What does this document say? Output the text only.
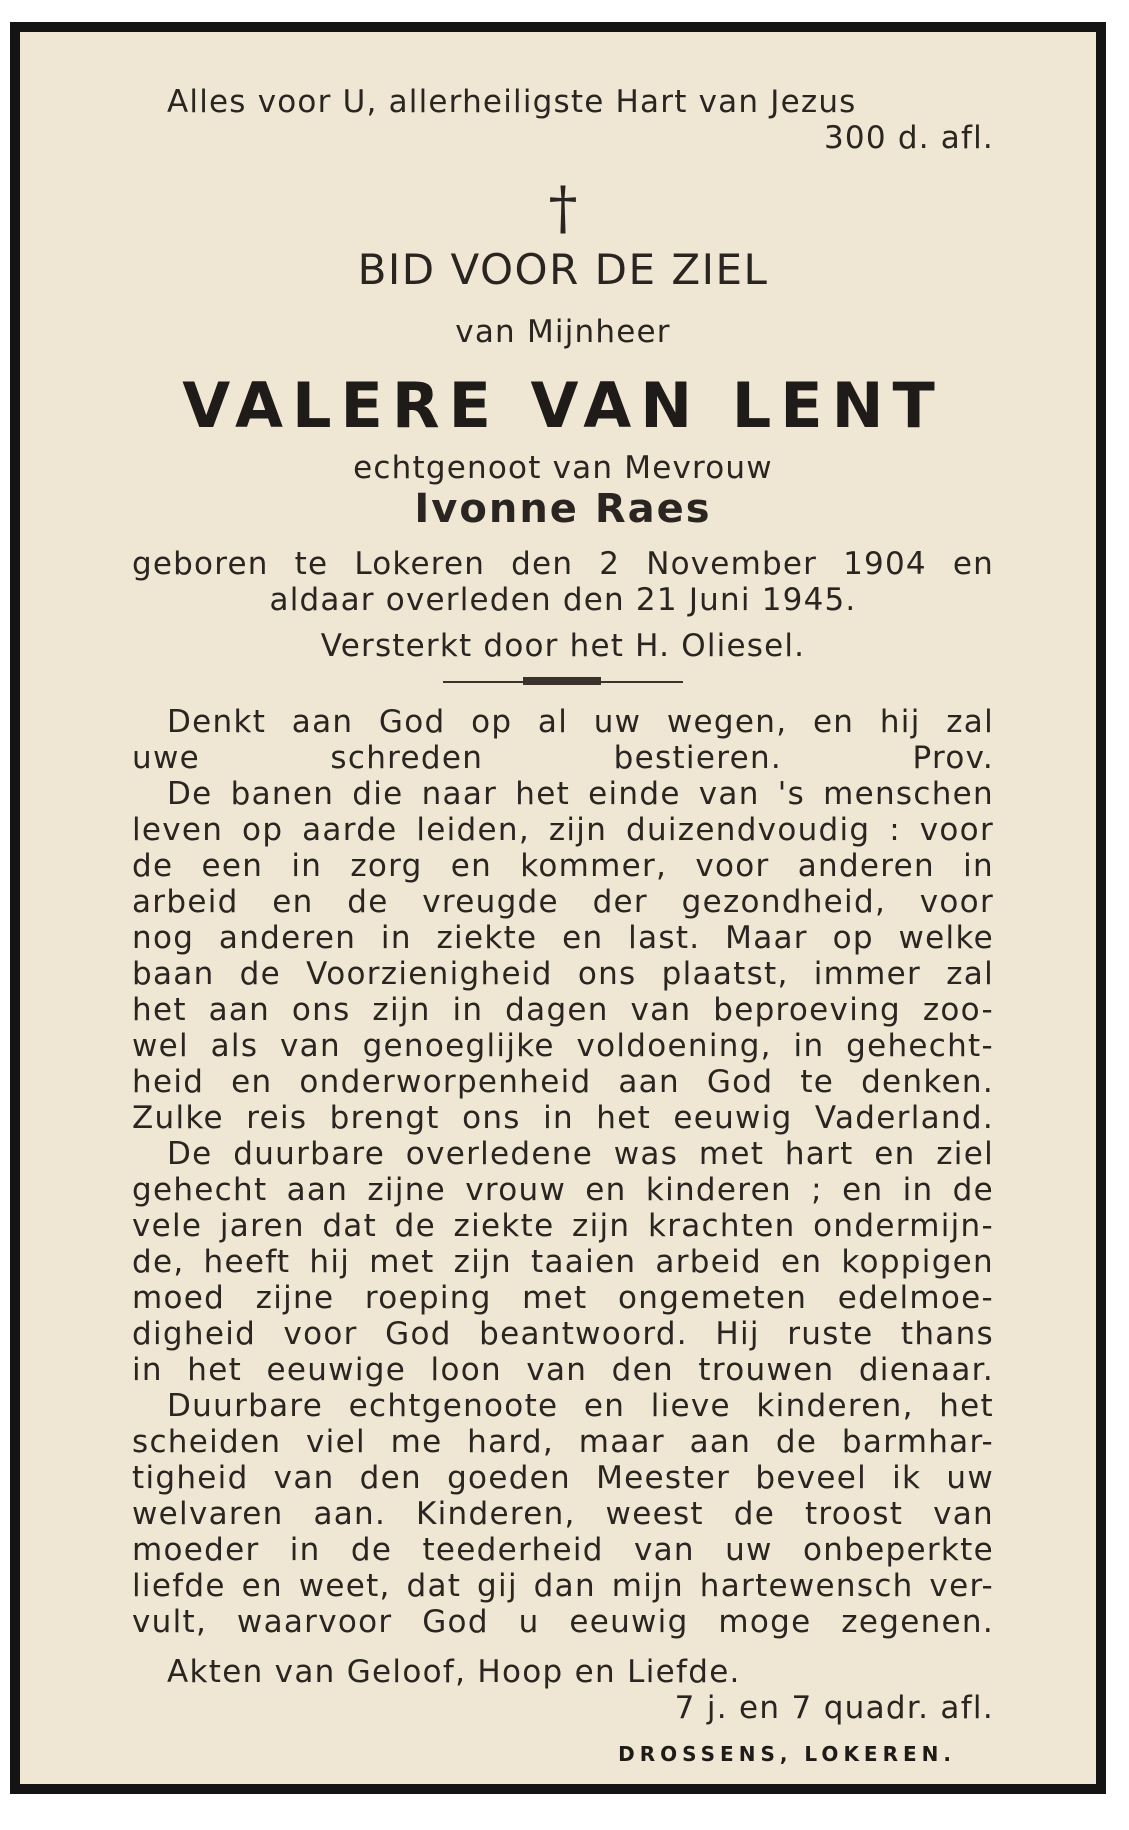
Alles voor U, allerheiligste Hart van Jezus
300 d. afl.
†
BID VOOR DE ZIEL
van Mijnheer
VALERE VAN LENT
echtgenoot van Mevrouw
Ivonne Raes
geboren te Lokeren den 2 November 1904 en
aldaar overleden den 21 Juni 1945.
Versterkt door het H. Oliesel.
Denkt aan God op al uw wegen, en hij zal
uwe schreden bestieren.	Prov.
De banen die naar het einde van 's menschen
leven op aarde leiden, zijn duizendvoudig : voor
de een in zorg en kommer, voor anderen in
arbeid en de vreugde der gezondheid, voor
nog anderen in ziekte en last. Maar op welke
baan de Voorzienigheid ons plaatst, immer zal
het aan ons zijn in dagen van beproeving zoo-
wel als van genoeglijke voldoening, in gehecht-
heid en onderworpenheid aan God te denken.
Zulke reis brengt ons in het eeuwig Vaderland.
De duurbare overledene was met hart en ziel
gehecht aan zijne vrouw en kinderen ; en in de
vele jaren dat de ziekte zijn krachten ondermijn-
de, heeft hij met zijn taaien arbeid en koppigen
moed zijne roeping met ongemeten edelmoe-
digheid voor God beantwoord. Hij ruste thans
in het eeuwige loon van den trouwen dienaar.
Duurbare echtgenoote en lieve kinderen, het
scheiden viel me hard, maar aan de barmhar-
tigheid van den goeden Meester beveel ik uw
welvaren aan. Kinderen, weest de troost van
moeder in de teederheid van uw onbeperkte
liefde en weet, dat gij dan mijn hartewensch ver-
vult, waarvoor God u eeuwig moge zegenen.
Akten van Geloof, Hoop en Liefde.
7 j. en 7 quadr. afl.
DROSSENS, LOKEREN.
